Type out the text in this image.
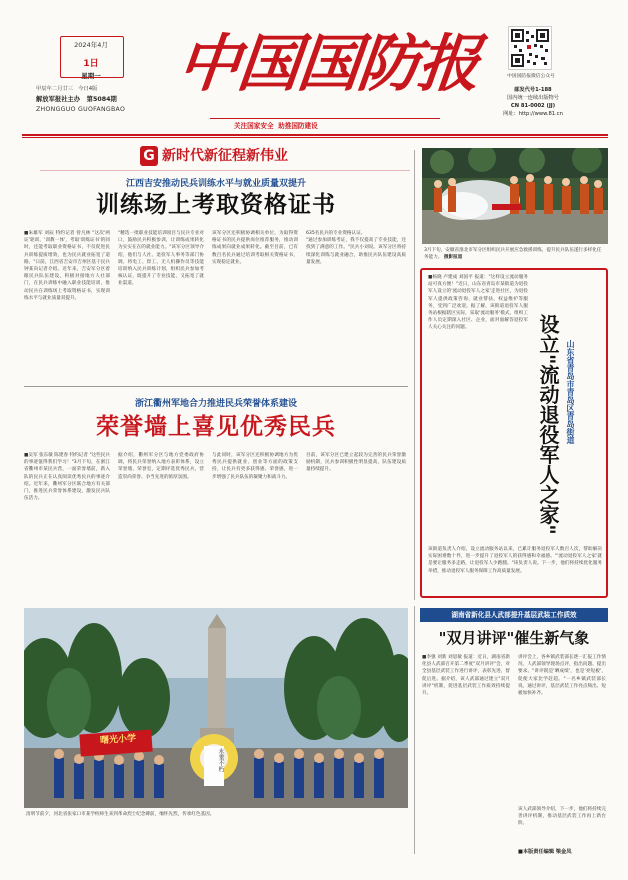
2024年4月
1日
星期一
甲辰年二月廿三 今日4版
解放军报社主办 第5084期
ZHONGGUO GUOFANGBAO
中国国防报
关注国家安全  助推国防建设
中国国防报微信公众号
邮发代号1-188
国内统一连续出版物号
CN 81-0002 (JJ)
网址：http://www.81.cn
G 新时代新征程新伟业
江西吉安推动民兵训练水平与就业质量双提升
训练场上考取资格证书
■朱雄军 刘辰 特约记者 曾凡林 "这次'两证'轮训，'训教一体'，考取'训练证书'的同时，还能考取职业资格证书，不仅促进民兵训练提质增效，也为民兵就业拓宽了道路。"日前，江西省吉安市吉州区基干民兵钟某向记者介绍。近年来，吉安军分区着眼民兵队伍建设，积极对接地方人社部门，在民兵训练中融入职业技能培训，推动民兵在训练场上考取资格证书，实现训练水平与就业质量双提升。
"精选一批职业技能培训项目与民兵专业对口，鼓励民兵积极参训，让训练成果转化为实实在在的就业能力。"该军分区领导介绍，他们与人社、退役军人事务等部门协调，将电工、焊工、无人机操作员等技能培训纳入民兵训练计划，组织民兵参加考核认证，既提升了专业技能，又拓宽了就业渠道。
该军分区还积极协调相关单位，为取得资格证书的民兵提供岗位推荐服务，推动训练成果向就业成果转化。截至目前，已有数百名民兵通过培训考取相关资格证书，实现稳定就业。
635名民兵的专业资格认证。
"通过参加训练考证，我不仅提高了专业技能，还找到了满意的工作。"民兵小刘说。该军分区将持续深化训练与就业融合，助推民兵队伍建设高质量发展。
浙江衢州军地合力推进民兵荣誉体系建设
荣誉墙上喜见优秀民兵
■吴军 张东敏 陈建春 特约记者 "这些民兵的事迹值得我们学习！"3月下旬，在浙江省衢州市某民兵营，一面荣誉墙前，新入队的民兵正在认真阅读优秀民兵的事迹介绍。近年来，衢州军分区联合地方有关部门，推进民兵荣誉体系建设，激发民兵队伍活力。
据介绍，衢州军分区与地方党委政府协调，将民兵荣誉纳入地方表彰体系，设立荣誉墙、荣誉室，定期评选优秀民兵，营造崇尚荣誉、争当先进的浓厚氛围。
与此同时，该军分区还积极协调地方为优秀民兵提供就业、创业等方面的政策支持，让民兵有更多获得感、荣誉感，进一步增强了民兵队伍的凝聚力和战斗力。
目前，该军分区已建立起较为完善的民兵荣誉激励机制，民兵参训积极性明显提高，队伍建设质量持续提升。
3月下旬，安徽省淮北市军分区组织民兵开展应急救援训练，提升民兵队伍遂行多样化任务能力。 摄影报道
■杨晓 卢建成 刘国平 报道："这样设立流动服务站可真方便！"近日，山东省青岛市某街道为退役军人设立的'流动退役军人之家'走进社区，为退役军人提供政策咨询、就业帮扶、权益维护等服务，受到广泛欢迎。据了解，该街道退役军人服务站根据辖区实际，采取'流动服务'模式，组织工作人员定期深入社区、企业，面对面解答退役军人关心关注的问题。	设立"流动退役军人之家" 山东省青岛市青岛区青岛街道
该街道负责人介绍，设立流动服务站以来，已累计服务退役军人数百人次，帮助解决实际困难数十件，进一步提升了退役军人的获得感和幸福感。"'流动退役军人之家'就是要让服务多走路，让退役军人少跑腿。"该负责人说。下一步，他们将持续优化服务举措，推动退役军人服务保障工作高质量发展。
永垂不朽
曙光小学
清明节前夕，河北省张家口市某学校师生来到革命烈士纪念碑前，缅怀先烈，传承红色基因。
湖南省新化县人武部提升基层武装工作质效
"双月讲评"催生新气象
■李强 刘新 刘思敏 报道：近日，湖南省新化县人武部召开第二季度"双月讲评"会，对全县基层武装工作进行讲评，表彰先进、督促后进。据介绍，该人武部通过建立"双月讲评"机制，促进基层武装工作质效持续提升。
讲评会上，各乡镇武装部长逐一汇报工作情况，人武部领导现场点评，指出问题、提出要求。"讲评既是'晒成绩'，也是'亮短板'，促使大家比学赶超。"一名乡镇武装部长说。通过讲评，基层武装工作亮点频出、短板加快补齐。
该人武部领导介绍，下一步，他们将持续完善讲评机制，推动基层武装工作再上新台阶。
■本版责任编辑 梁金凤
